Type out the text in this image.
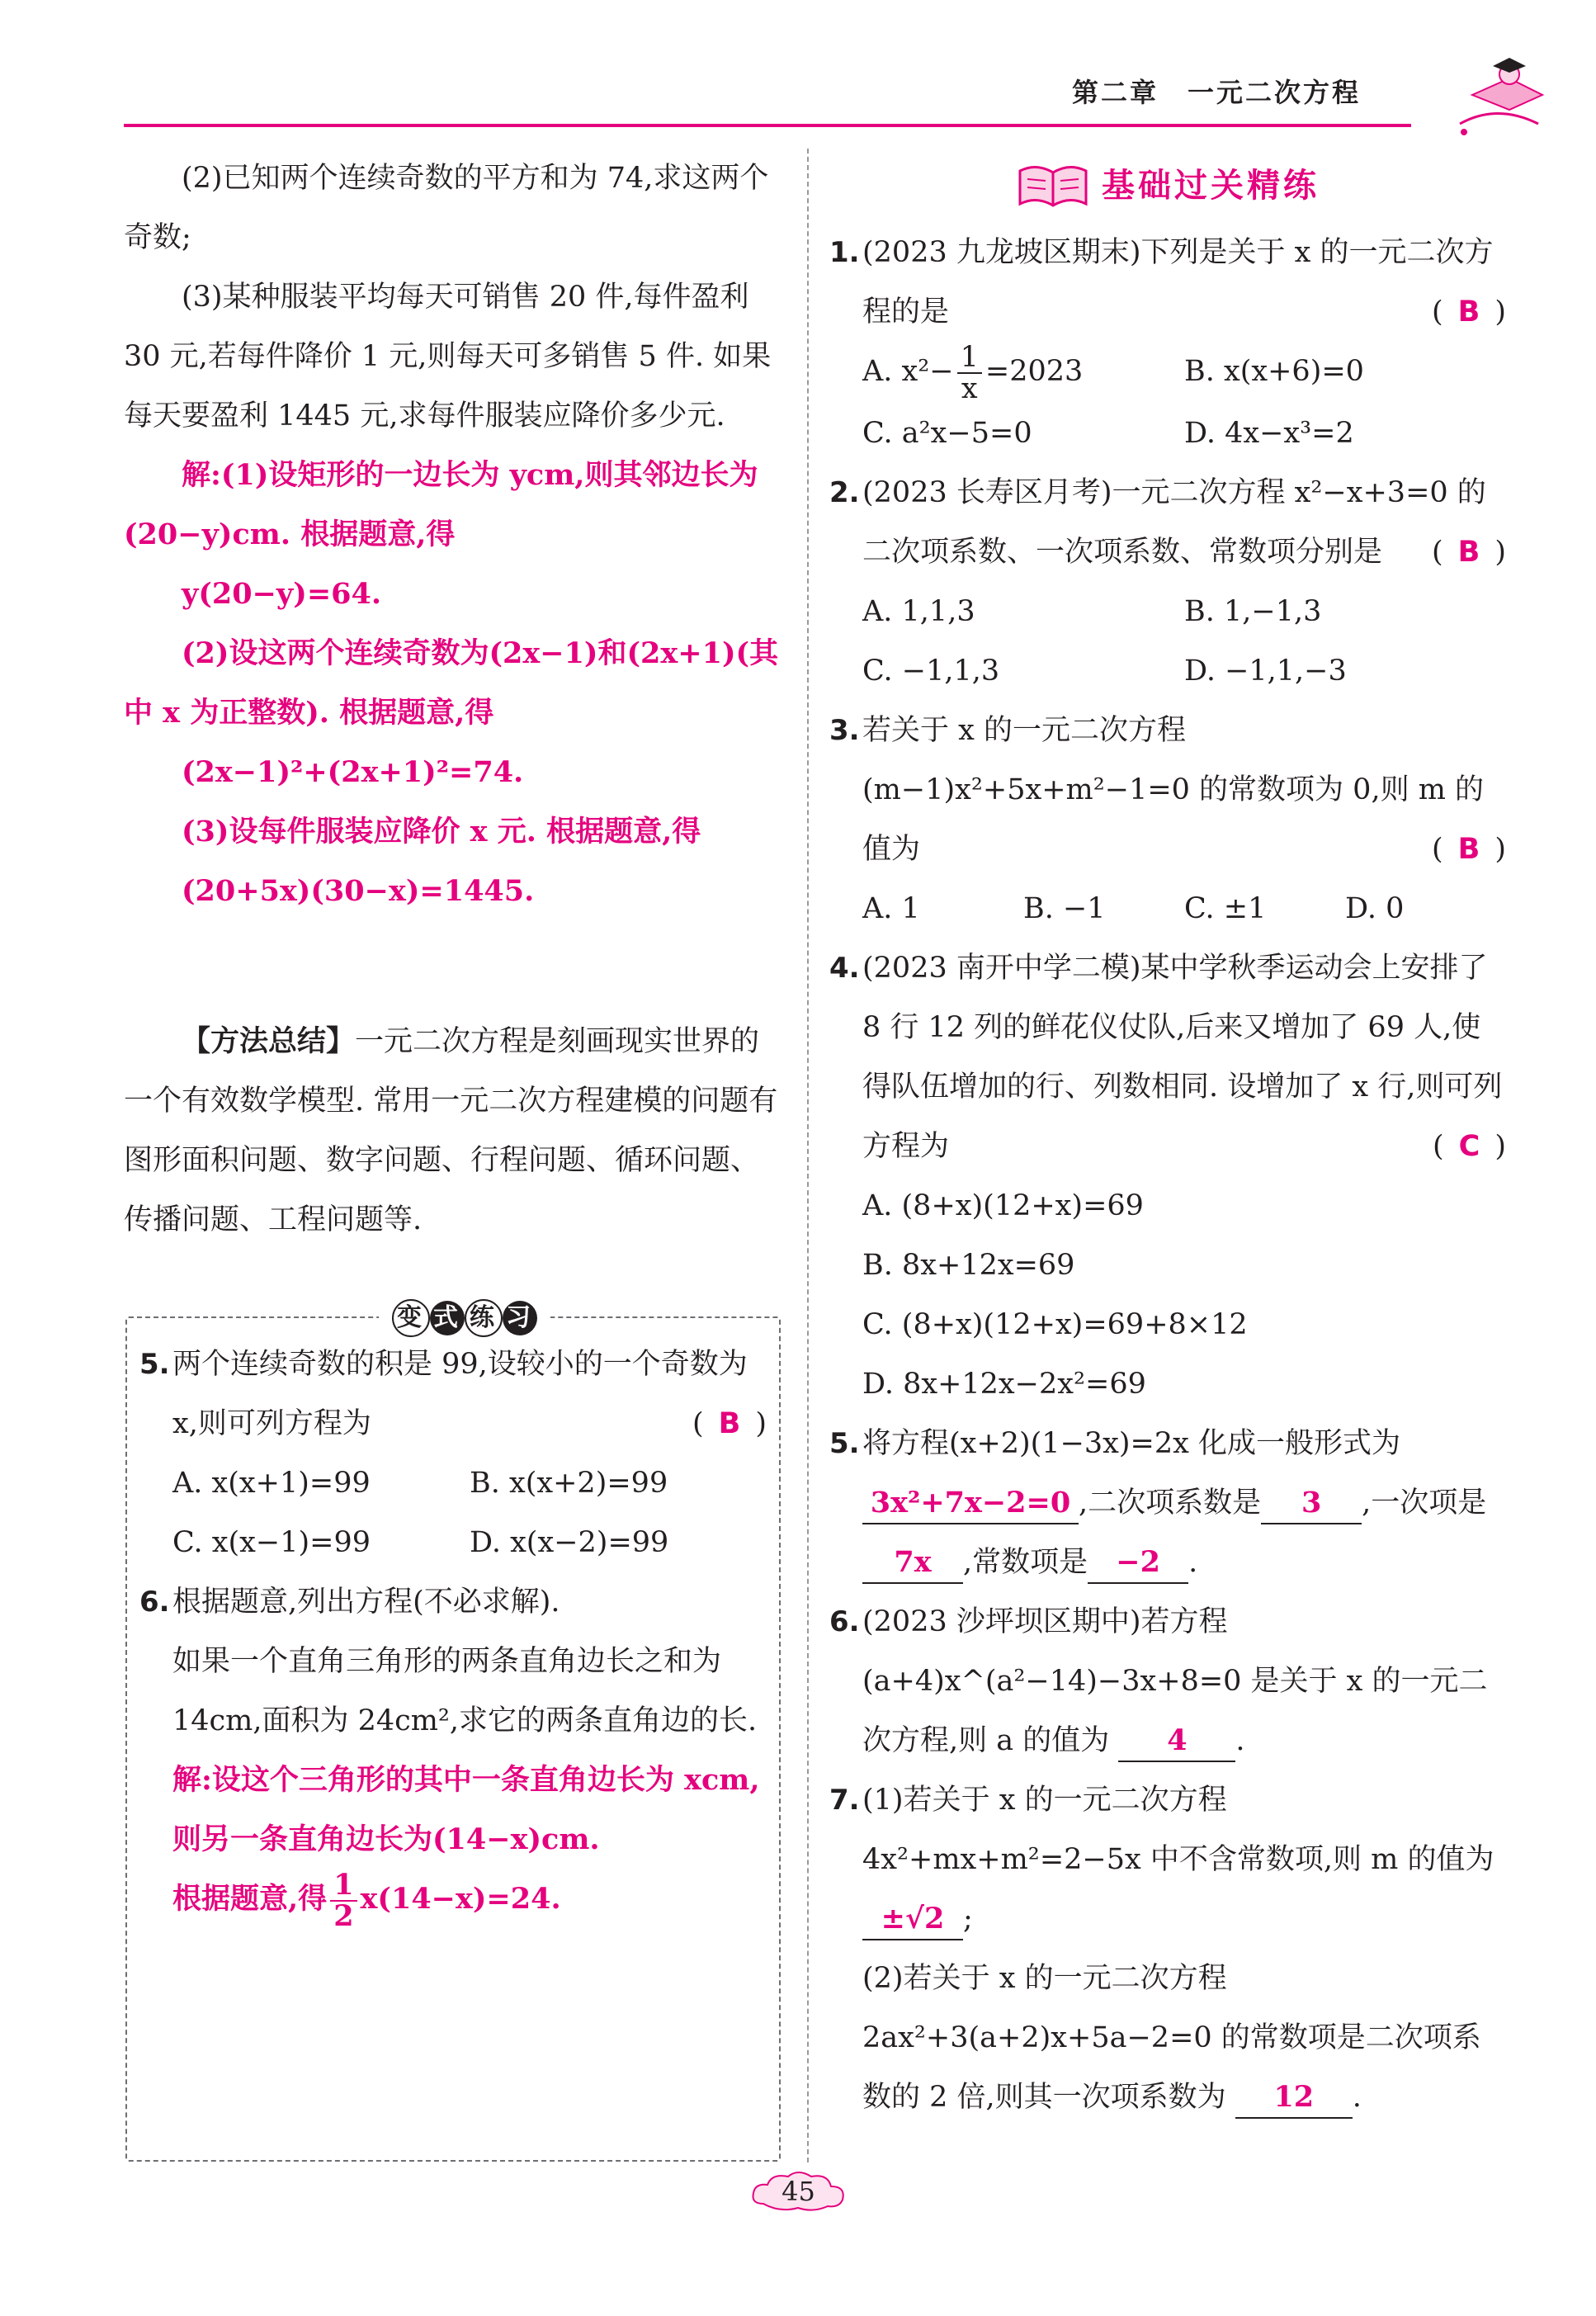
第二章　一元二次方程

(2)已知两个连续奇数的平方和为 74,求这两个奇数;

(3)某种服装平均每天可销售 20 件,每件盈利 30 元,若每件降价 1 元,则每天可多销售 5 件. 如果每天要盈利 1445 元,求每件服装应降价多少元.

解:(1)设矩形的一边长为 ycm,则其邻边长为(20−y)cm. 根据题意,得

y(20−y)=64.

(2)设这两个连续奇数为(2x−1)和(2x+1)(其中 x 为正整数). 根据题意,得

(2x−1)²+(2x+1)²=74.

(3)设每件服装应降价 x 元. 根据题意,得

(20+5x)(30−x)=1445.

【方法总结】一元二次方程是刻画现实世界的一个有效数学模型. 常用一元二次方程建模的问题有图形面积问题、数字问题、行程问题、循环问题、传播问题、工程问题等.

变 式 练 习
5. 两个连续奇数的积是 99,设较小的一个奇数为 x,则可列方程为	( B )

A. x(x+1)=99	B. x(x+2)=99
C. x(x−1)=99	D. x(x−2)=99
6. 根据题意,列出方程(不必求解).

如果一个直角三角形的两条直角边长之和为 14cm,面积为 24cm²,求它的两条直角边的长.

解:设这个三角形的其中一条直角边长为 xcm,则另一条直角边长为(14−x)cm.

根据题意,得 $\frac{1}{2} x(14-x)=24$.

基础过关精练
1. (2023 九龙坡区期末)下列是关于 x 的一元二次方程的是	( B )

A. $x^2- \frac{1}{x} =2023$	B. x(x+6)=0
C. a²x−5=0	D. 4x−x³=2
2. (2023 长寿区月考)一元二次方程 x²−x+3=0 的二次项系数、一次项系数、常数项分别是 ( B )

A. 1,1,3	B. 1,−1,3
C. −1,1,3	D. −1,1,−3
3. 若关于 x 的一元二次方程(m−1)x²+5x+m²−1=0 的常数项为 0,则 m 的值为	( B )

A. 1	B. −1	C. ±1	D. 0
4. (2023 南开中学二模)某中学秋季运动会上安排了 8 行 12 列的鲜花仪仗队,后来又增加了 69 人,使得队伍增加的行、列数相同. 设增加了 x 行,则可列方程为	( C )

A. (8+x)(12+x)=69

B. 8x+12x=69

C. (8+x)(12+x)=69+8×12

D. 8x+12x−2x²=69

5. 将方程(x+2)(1−3x)=2x 化成一般形式为 3x²+7x−2=0 ,二次项系数是 3 ,一次项是7x ,常数项是 −2 .

6. (2023 沙坪坝区期中)若方程(a+4)x^(a²−14)−3x+8=0 是关于 x 的一元二次方程,则 a 的值为 4 .

7. (1)若关于 x 的一元二次方程 4x²+mx+m²=2−5x 中不含常数项,则 m 的值为 ±√2 ;

(2)若关于 x 的一元二次方程 2ax²+3(a+2)x+5a−2=0 的常数项是二次项系数的 2 倍,则其一次项系数为 12 .

45
